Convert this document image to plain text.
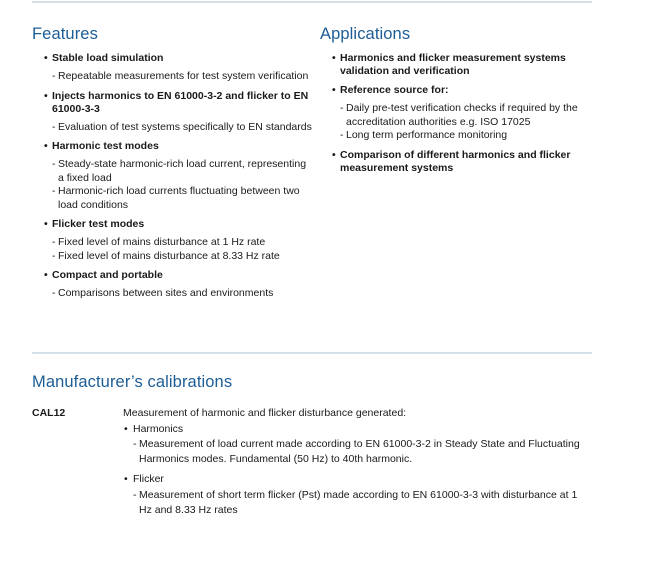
Features
• Stable load simulation
- Repeatable measurements for test system verification
• Injects harmonics to EN 61000-3-2 and flicker to EN 61000-3-3
- Evaluation of test systems specifically to EN standards
• Harmonic test modes
- Steady-state harmonic-rich load current, representing a fixed load
- Harmonic-rich load currents fluctuating between two load conditions
• Flicker test modes
- Fixed level of mains disturbance at 1 Hz rate
- Fixed level of mains disturbance at 8.33 Hz rate
• Compact and portable
- Comparisons between sites and environments
Applications
• Harmonics and flicker measurement systems validation and verification
• Reference source for:
- Daily pre-test verification checks if required by the accreditation authorities e.g. ISO 17025
- Long term performance monitoring
• Comparison of different harmonics and flicker measurement systems
Manufacturer’s calibrations
CAL12	Measurement of harmonic and flicker disturbance generated:
• Harmonics
- Measurement of load current made according to EN 61000-3-2 in Steady State and Fluctuating Harmonics modes. Fundamental (50 Hz) to 40th harmonic.
• Flicker
- Measurement of short term flicker (Pst) made according to EN 61000-3-3 with disturbance at 1 Hz and 8.33 Hz rates
